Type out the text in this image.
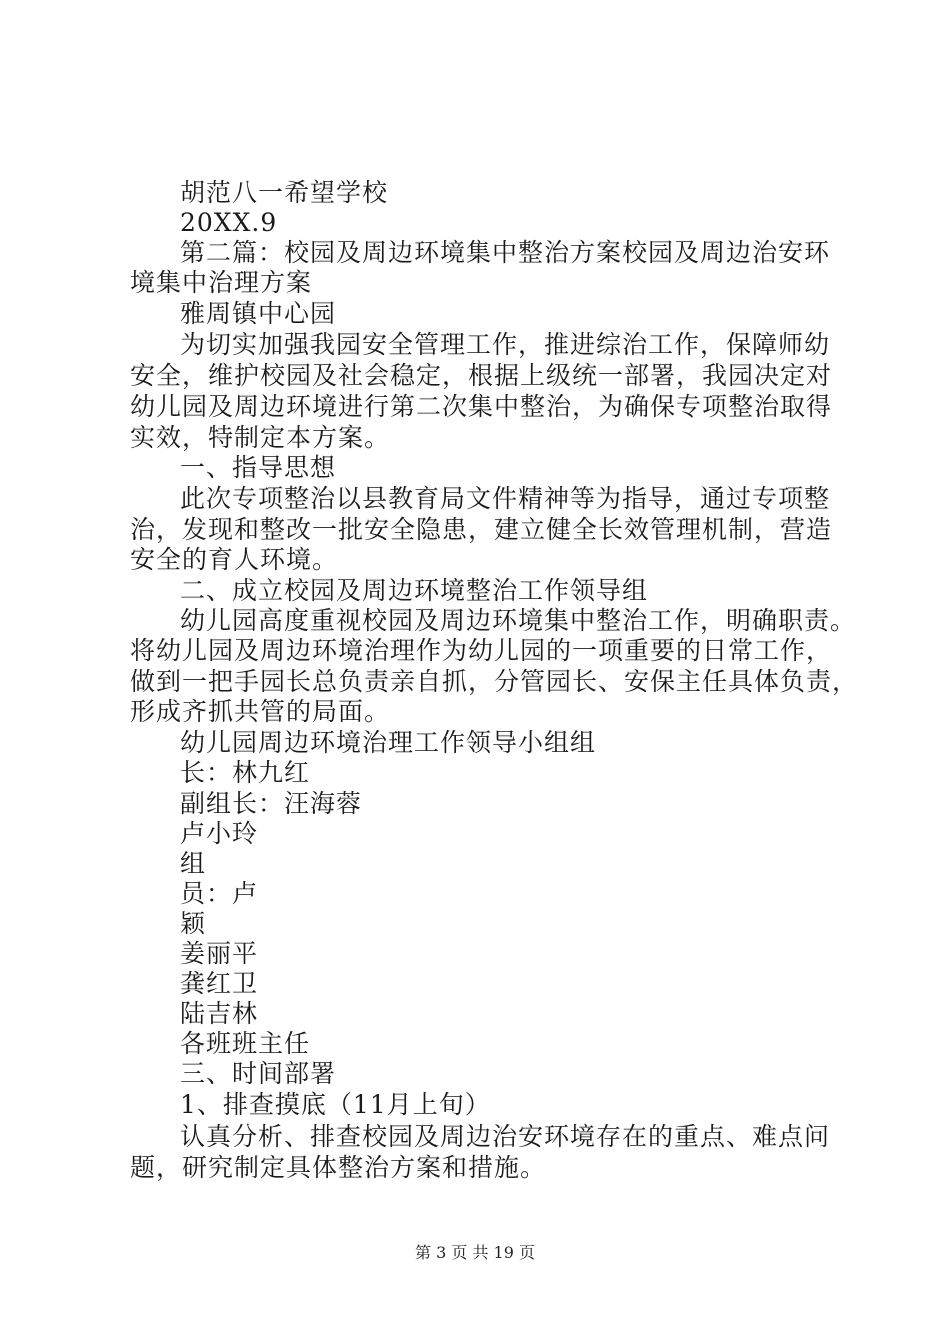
胡范八一希望学校
20XX.9
第二篇：校园及周边环境集中整治方案校园及周边治安环
境集中治理方案
雅周镇中心园
为切实加强我园安全管理工作，推进综治工作，保障师幼
安全，维护校园及社会稳定，根据上级统一部署，我园决定对
幼儿园及周边环境进行第二次集中整治，为确保专项整治取得
实效，特制定本方案。
一、指导思想
此次专项整治以县教育局文件精神等为指导，通过专项整
治，发现和整改一批安全隐患，建立健全长效管理机制，营造
安全的育人环境。
二、成立校园及周边环境整治工作领导组
幼儿园高度重视校园及周边环境集中整治工作，明确职责。
将幼儿园及周边环境治理作为幼儿园的一项重要的日常工作，
做到一把手园长总负责亲自抓，分管园长、安保主任具体负责，
形成齐抓共管的局面。
幼儿园周边环境治理工作领导小组组
长：林九红
副组长：汪海蓉
卢小玲
组
员：卢
颖
姜丽平
龚红卫
陆吉林
各班班主任
三、时间部署
1、排查摸底（11月上旬）
认真分析、排查校园及周边治安环境存在的重点、难点问
题，研究制定具体整治方案和措施。
第 3 页 共 19 页
